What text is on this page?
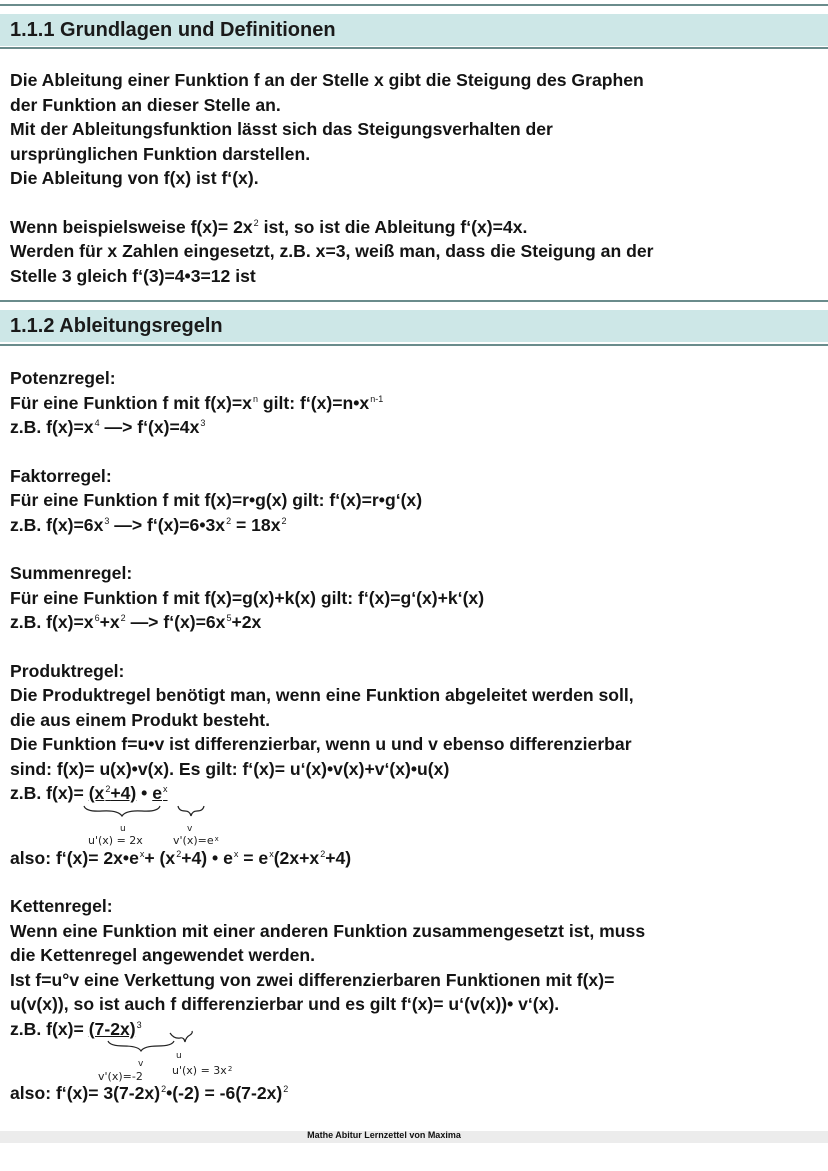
1.1.1 Grundlagen und Definitionen

Die Ableitung einer Funktion f an der Stelle x gibt die Steigung des Graphen

der Funktion an dieser Stelle an.

Mit der Ableitungsfunktion lässt sich das Steigungsverhalten der

ursprünglichen Funktion darstellen.

Die Ableitung von f(x) ist f‘(x).

Wenn beispielsweise $f(x)= 2x^2$ ist, so ist die Ableitung f‘(x)=4x.

Werden für x Zahlen eingesetzt, z.B. x=3, weiß man, dass die Steigung an der

Stelle 3 gleich f‘(3)=4•3=12 ist

1.1.2 Ableitungsregeln

Potenzregel:

Für eine Funktion f mit $f(x)=x^n$ gilt: $f‘(x)=n•x^{n-1}$

z.B. $f(x)=x^4$ —> $f‘(x)=4x^3$

Faktorregel:

Für eine Funktion f mit f(x)=r•g(x) gilt: f‘(x)=r•g‘(x)

z.B. $f(x)=6x^3$ —> $f‘(x)=6•3x^2 = 18x^2$

Summenregel:

Für eine Funktion f mit f(x)=g(x)+k(x) gilt: f‘(x)=g‘(x)+k‘(x)

z.B. $f(x)=x^6+x^2$ —> $f‘(x)=6x^5+2x$

Produktregel:

Die Produktregel benötigt man, wenn eine Funktion abgeleitet werden soll,

die aus einem Produkt besteht.

Die Funktion f=u•v ist differenzierbar, wenn u und v ebenso differenzierbar

sind: f(x)= u(x)•v(x). Es gilt: f‘(x)= u‘(x)•v(x)+v‘(x)•u(x)

z.B. $f(x)= (x^2+4)$ • $e^x$

u	v
u'(x) = 2x	$v'(x)=e^x$

also: f‘(x)= $2x•e^x+ (x^2+4)$ • $e^x = e^x(2x+x^2+4)$

Kettenregel:

Wenn eine Funktion mit einer anderen Funktion zusammengesetzt ist, muss

die Kettenregel angewendet werden.

Ist f=u°v eine Verkettung von zwei differenzierbaren Funktionen mit f(x)=

u(v(x)), so ist auch f differenzierbar und es gilt f‘(x)= u‘(v(x))• v‘(x).

z.B. $f(x)= (7-2x)^3$

v
u
v'(x)=-2	$u'(x) = 3x^2$

also: f‘(x)= $3(7-2x)^2•(-2) = -6(7-2x)^2$

Mathe Abitur Lernzettel von Maxima
